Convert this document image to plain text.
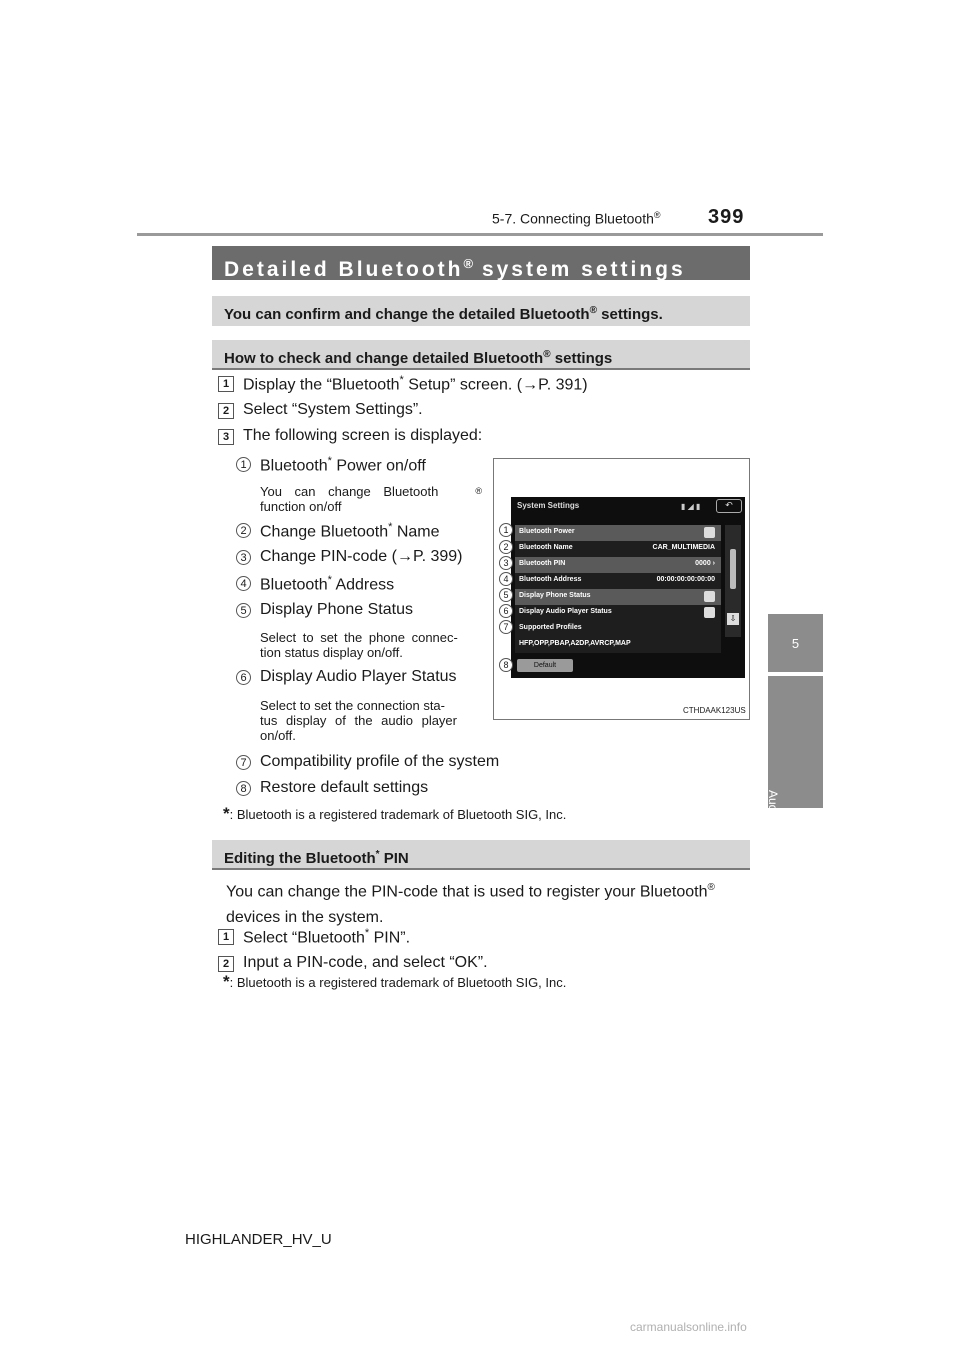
5-7. Connecting Bluetooth® 399
5
Audio system
Detailed Bluetooth® system settings
You can confirm and change the detailed Bluetooth® settings.
How to check and change detailed Bluetooth® settings
1 Display the “Bluetooth* Setup” screen. (→P. 391)
2 Select “System Settings”.
3 The following screen is displayed:
1 Bluetooth* Power on/off
You can change Bluetooth	®
function on/off
2 Change Bluetooth* Name
3 Change PIN-code (→P. 399)
4 Bluetooth* Address
5 Display Phone Status
Select to set the phone connec-
tion status display on/off.
6 Display Audio Player Status
Select to set the connection sta-
tus display of the audio player on/off.
7 Compatibility profile of the system
8 Restore default settings
*: Bluetooth is a registered trademark of Bluetooth SIG, Inc.
System Settings	▮ ◢ ▮	↶
Bluetooth Power
Bluetooth Name	CAR_MULTIMEDIA
Bluetooth PIN	0000 ›
Bluetooth Address	00:00:00:00:00:00
Display Phone Status
Display Audio Player Status
Supported Profiles
HFP,OPP,PBAP,A2DP,AVRCP,MAP
Default
⇩
1
2
3
4
5
6
7
8
CTHDAAK123US
Editing the Bluetooth* PIN
You can change the PIN-code that is used to register your Bluetooth®
devices in the system.
1 Select “Bluetooth* PIN”.
2 Input a PIN-code, and select “OK”.
*: Bluetooth is a registered trademark of Bluetooth SIG, Inc.
HIGHLANDER_HV_U
carmanualsonline.info
